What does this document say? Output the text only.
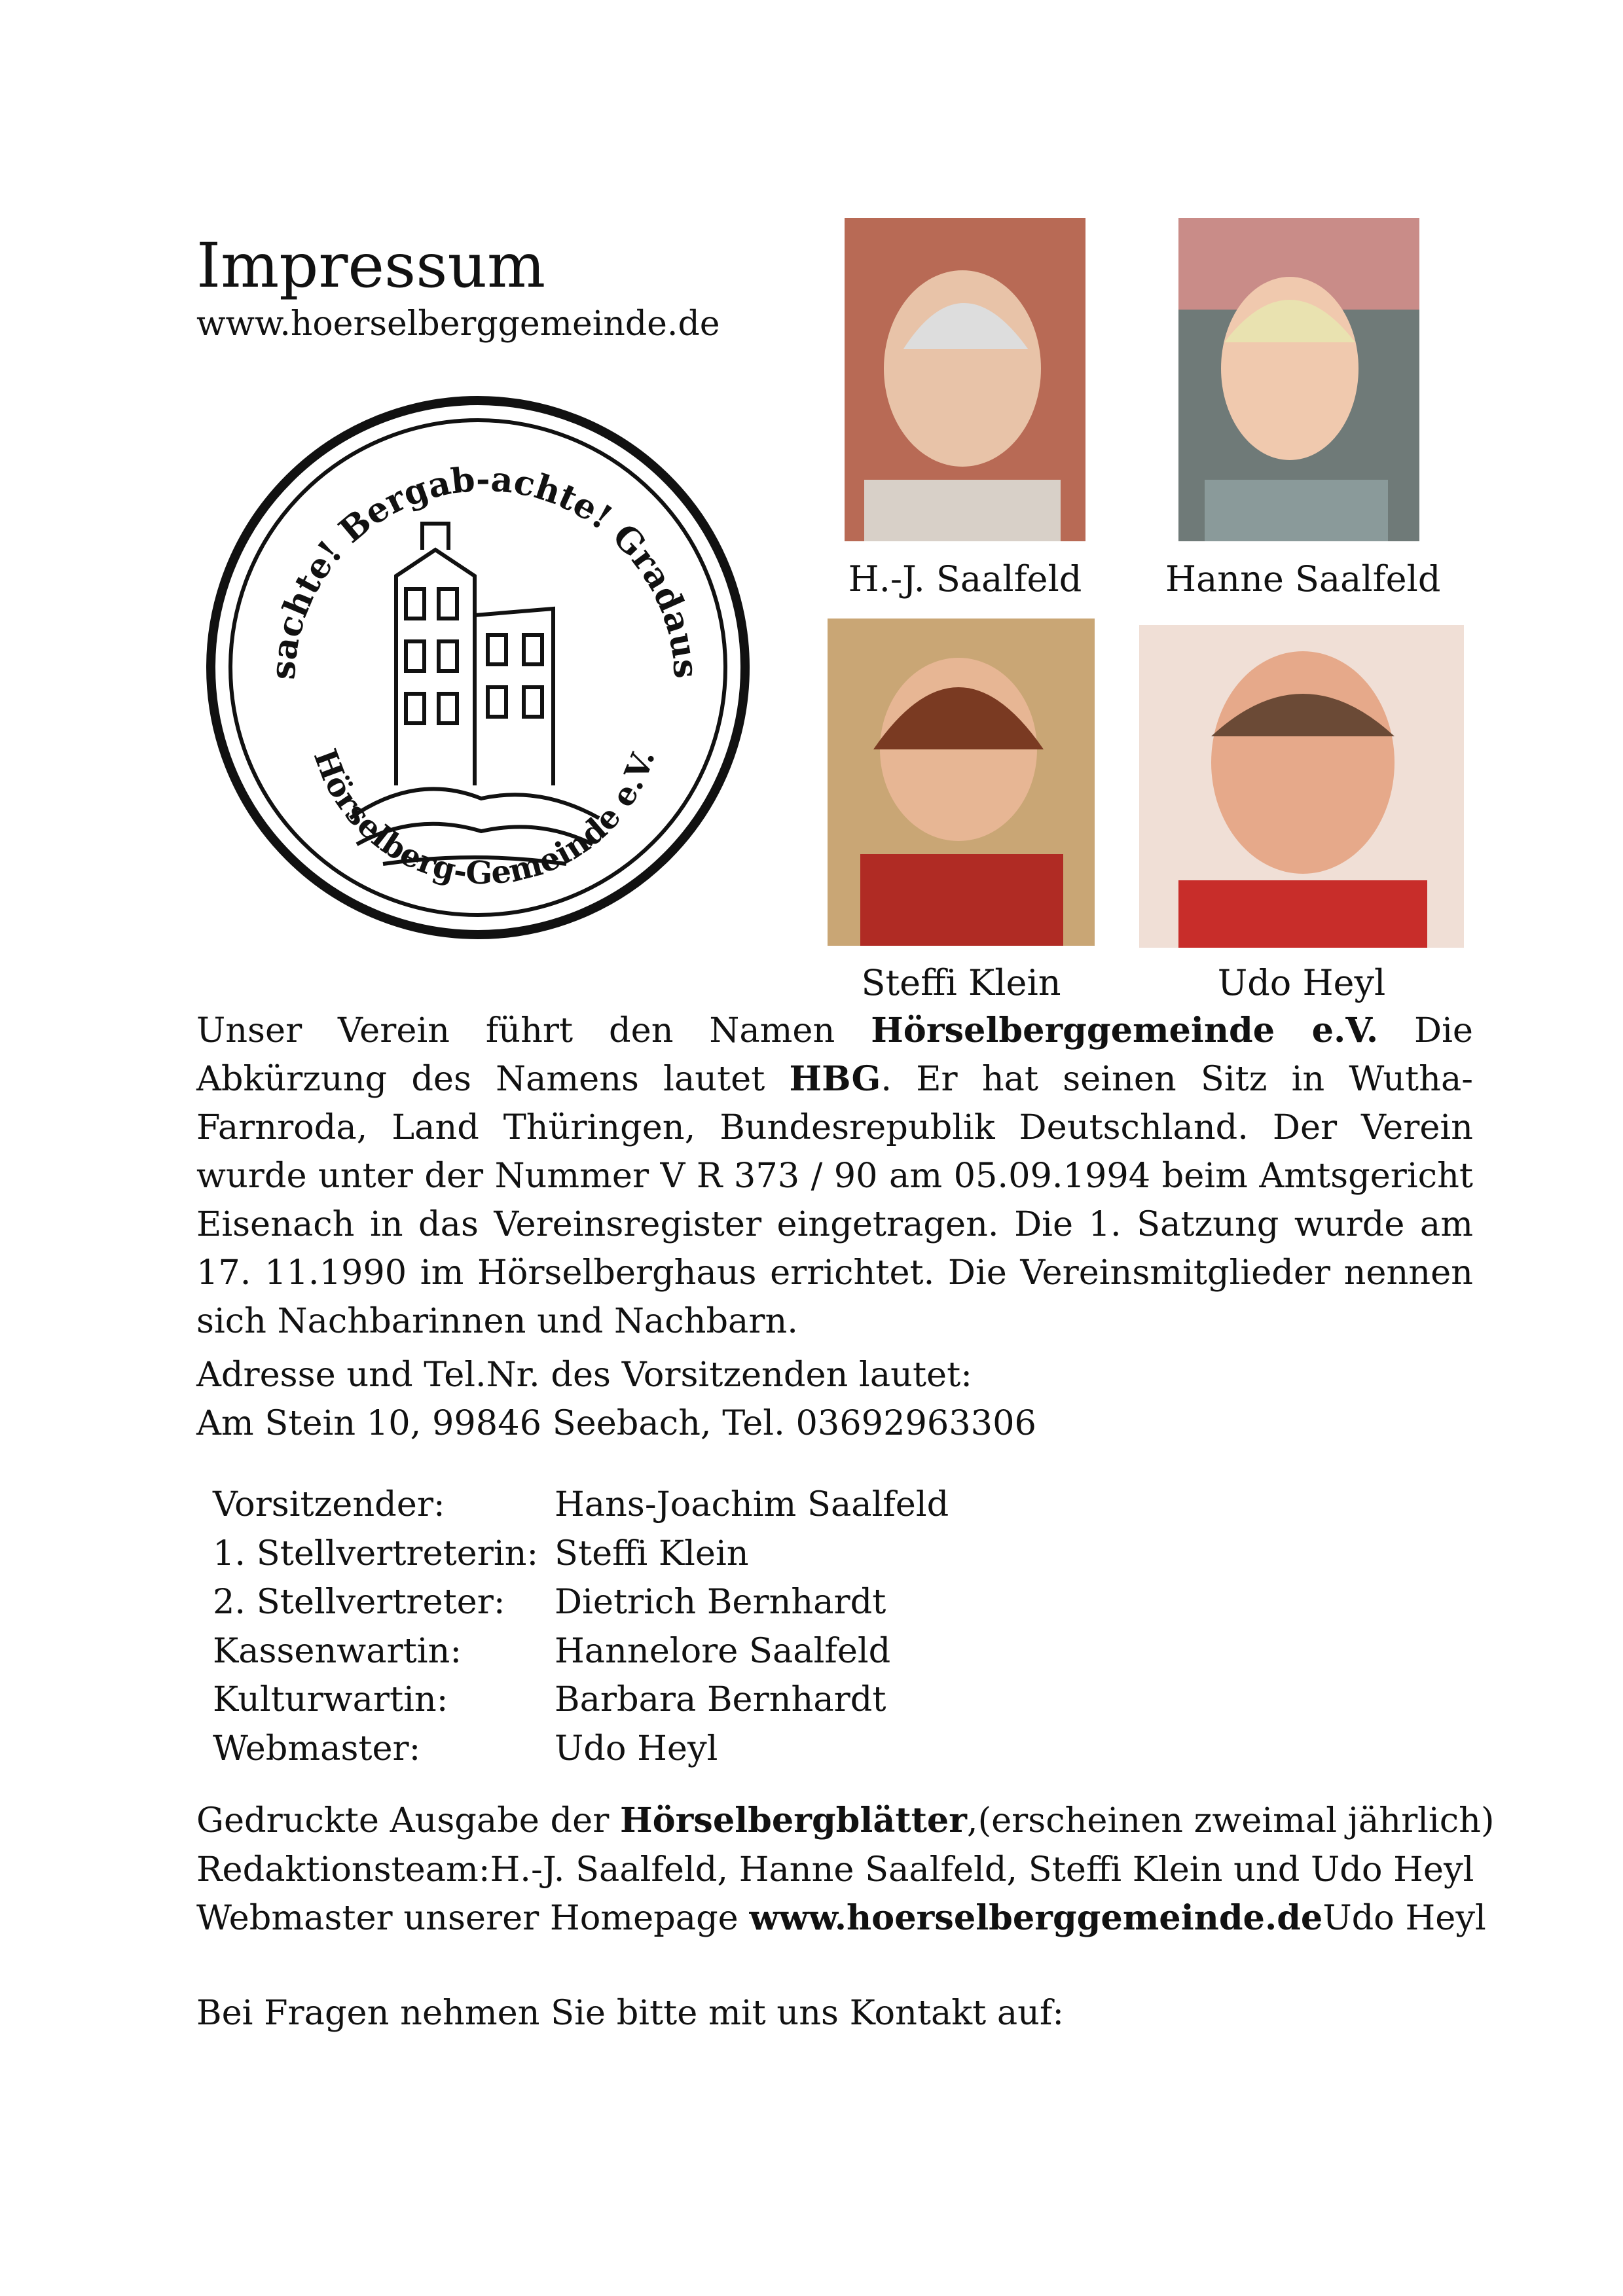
Impressum
www.hoerselberggemeinde.de
sachte! Bergab-achte! Gradaus
Hörselberg-Gemeinde e.V.
H.-J. Saalfeld Hanne Saalfeld
Steffi Klein	Udo Heyl
Unser Verein führt den Namen Hörselberggemeinde e.V. Die Abkürzung des Namens lautet HBG. Er hat seinen Sitz in Wutha-Farnroda, Land Thüringen, Bundesrepublik Deutschland. Der Verein wurde unter der Nummer V R 373 / 90 am 05.09.1994 beim Amtsgericht Eisenach in das Vereinsregister eingetragen. Die 1. Satzung wurde am 17. 11.1990 im Hörselberghaus errichtet. Die Vereinsmitglieder nennen sich Nachbarinnen und Nachbarn.
Adresse und Tel.Nr. des Vorsitzenden lautet:
Am Stein 10, 99846 Seebach, Tel. 03692963306
Vorsitzender:	Hans-Joachim Saalfeld
1. Stellvertreterin: Steffi Klein
2. Stellvertreter:	Dietrich Bernhardt
Kassenwartin:	Hannelore Saalfeld
Kulturwartin:	Barbara Bernhardt
Webmaster:	Udo Heyl
Gedruckte Ausgabe der Hörselbergblätter, (erscheinen zweimal jährlich)
Redaktionsteam: H.-J. Saalfeld, Hanne Saalfeld, Steffi Klein und Udo Heyl
Webmaster unserer Homepage www.hoerselberggemeinde.de Udo Heyl
Bei Fragen nehmen Sie bitte mit uns Kontakt auf:
